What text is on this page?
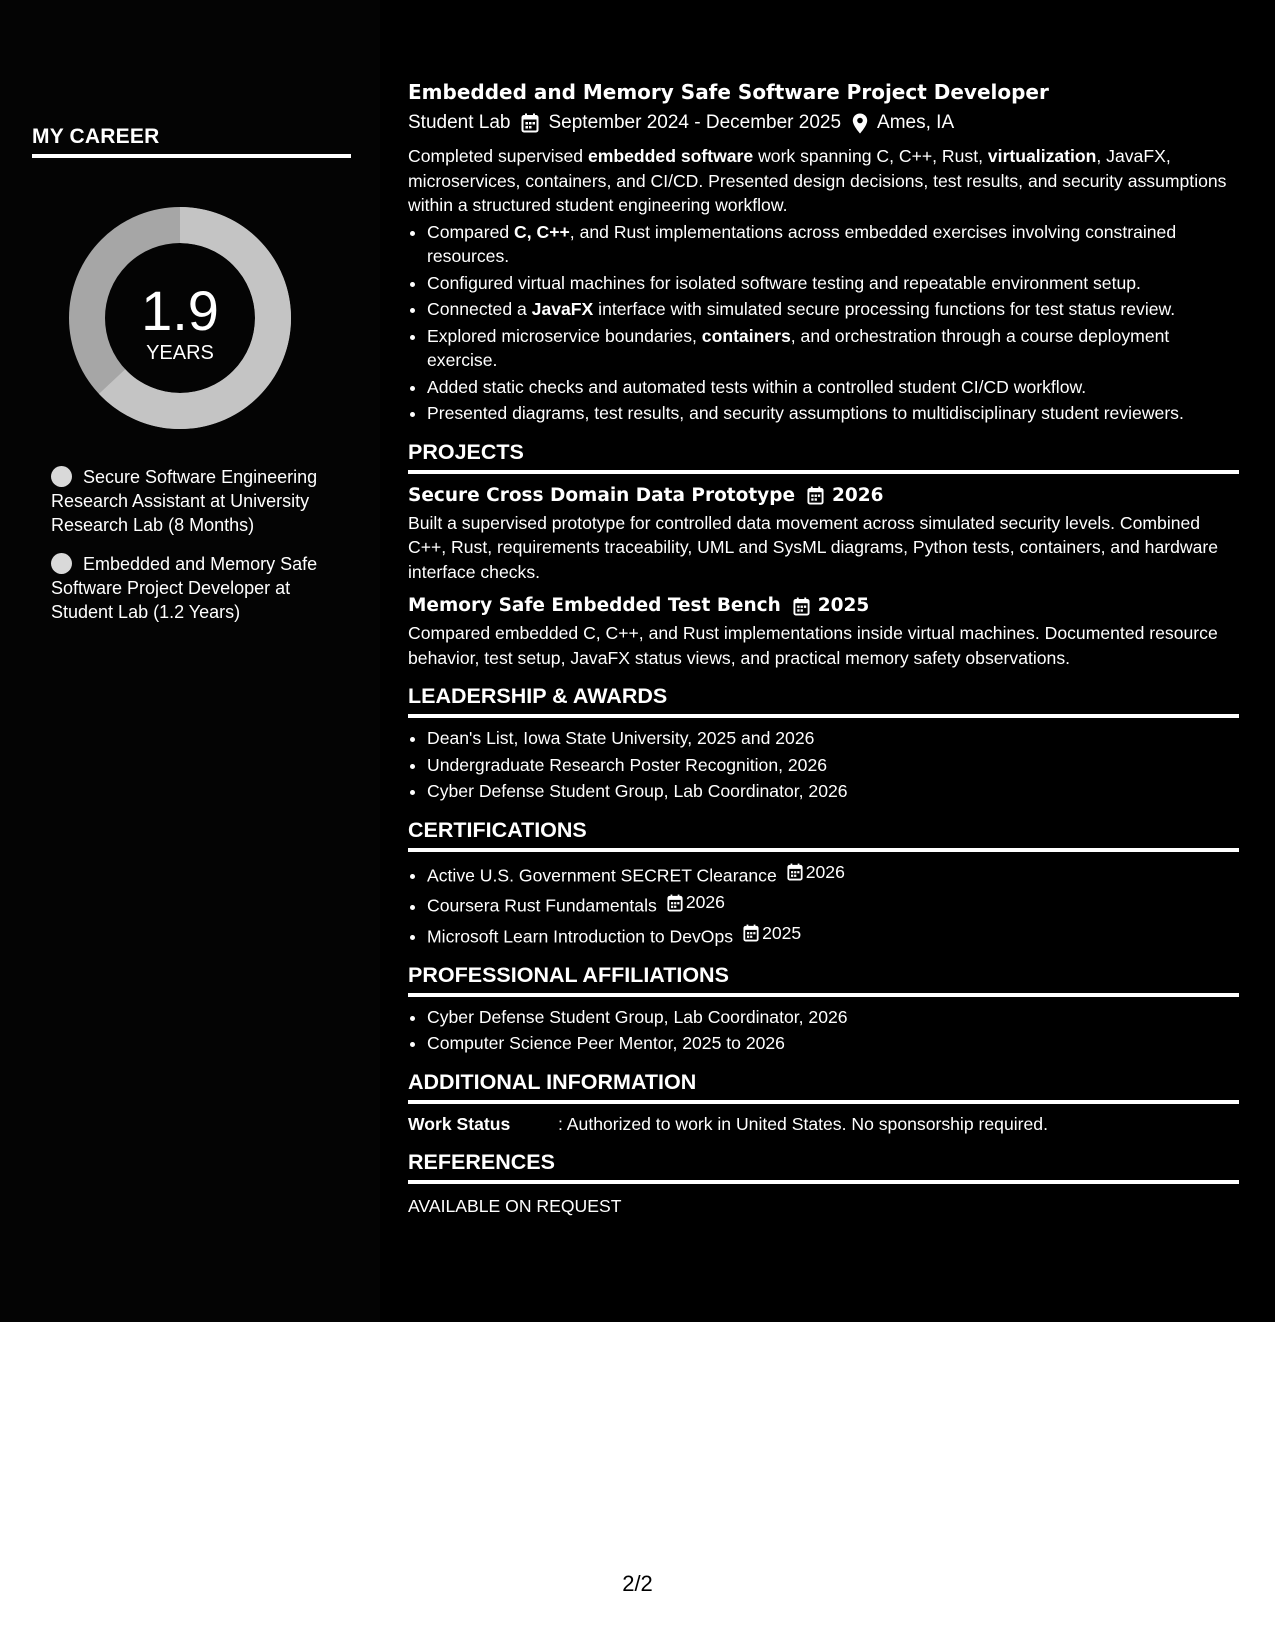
MY CAREER
1.9
YEARS
Secure Software Engineering Research Assistant at University Research Lab (8 Months)
Embedded and Memory Safe Software Project Developer at Student Lab (1.2 Years)
Embedded and Memory Safe Software Project Developer
Student Lab September 2024 - December 2025 Ames, IA
Completed supervised embedded software work spanning C, C++, Rust, virtualization, JavaFX, microservices, containers, and CI/CD. Presented design decisions, test results, and security assumptions within a structured student engineering workflow.
• Compared C, C++, and Rust implementations across embedded exercises involving constrained resources.
• Configured virtual machines for isolated software testing and repeatable environment setup.
• Connected a JavaFX interface with simulated secure processing functions for test status review.
• Explored microservice boundaries, containers, and orchestration through a course deployment exercise.
• Added static checks and automated tests within a controlled student CI/CD workflow.
• Presented diagrams, test results, and security assumptions to multidisciplinary student reviewers.
PROJECTS
Secure Cross Domain Data Prototype 2026
Built a supervised prototype for controlled data movement across simulated security levels. Combined C++, Rust, requirements traceability, UML and SysML diagrams, Python tests, containers, and hardware interface checks.
Memory Safe Embedded Test Bench 2025
Compared embedded C, C++, and Rust implementations inside virtual machines. Documented resource behavior, test setup, JavaFX status views, and practical memory safety observations.
LEADERSHIP & AWARDS
• Dean's List, Iowa State University, 2025 and 2026
• Undergraduate Research Poster Recognition, 2026
• Cyber Defense Student Group, Lab Coordinator, 2026
CERTIFICATIONS
• Active U.S. Government SECRET Clearance 2026
• Coursera Rust Fundamentals 2026
• Microsoft Learn Introduction to DevOps 2025
PROFESSIONAL AFFILIATIONS
• Cyber Defense Student Group, Lab Coordinator, 2026
• Computer Science Peer Mentor, 2025 to 2026
ADDITIONAL INFORMATION
Work Status	: Authorized to work in United States. No sponsorship required.
REFERENCES
AVAILABLE ON REQUEST
2/2
